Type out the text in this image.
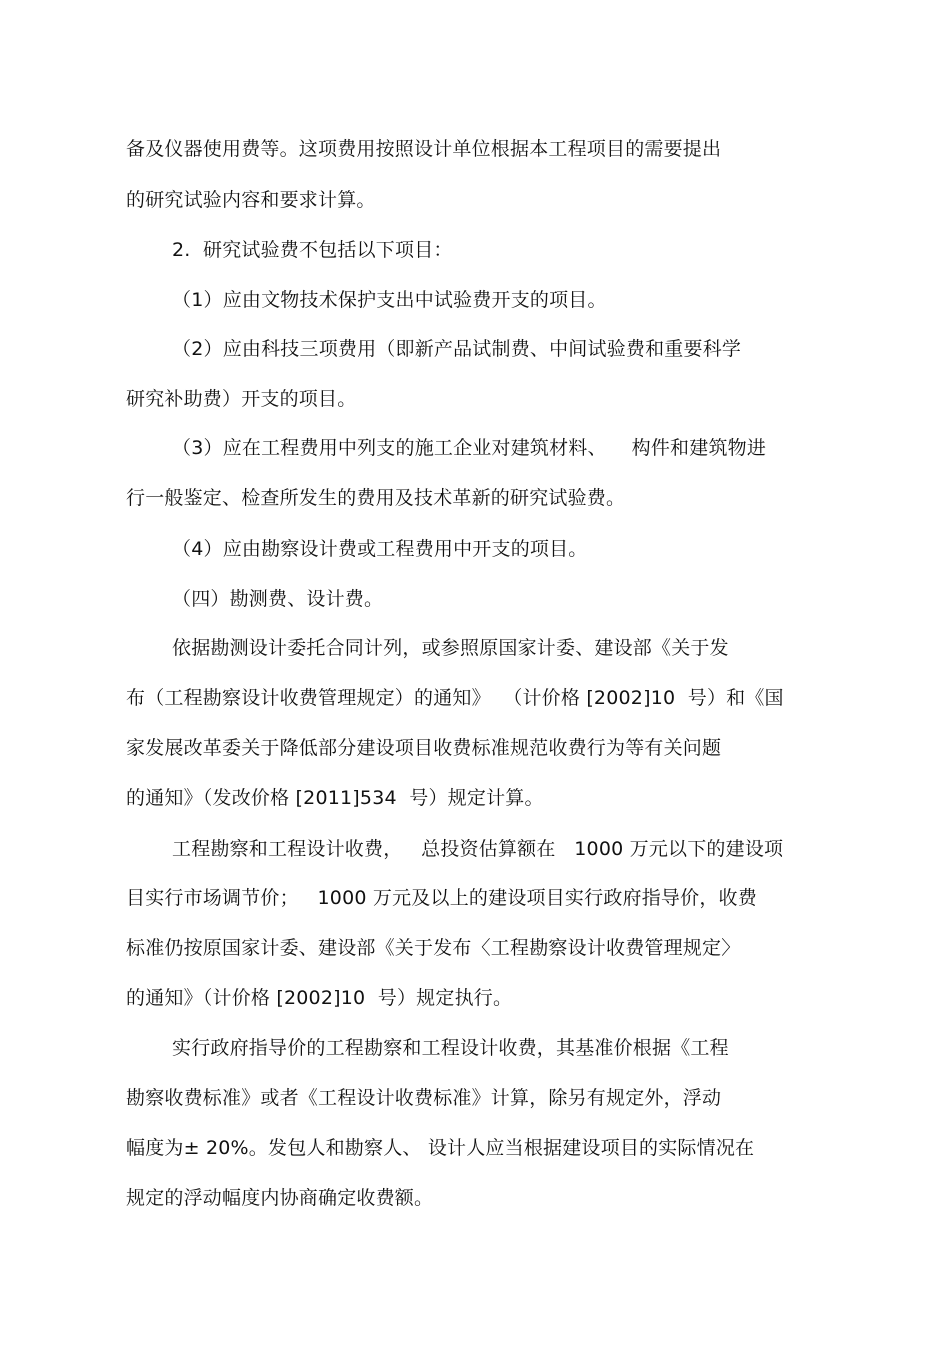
备及仪器使用费等。这项费用按照设计单位根据本工程项目的需要提出
的研究试验内容和要求计算。
2.  研究试验费不包括以下项目：
（1）应由文物技术保护支出中试验费开支的项目。
（2）应由科技三项费用（即新产品试制费、中间试验费和重要科学
研究补助费）开支的项目。
（3）应在工程费用中列支的施工企业对建筑材料、    构件和建筑物进
行一般鉴定、检查所发生的费用及技术革新的研究试验费。
（4）应由勘察设计费或工程费用中开支的项目。
（四）勘测费、设计费。
依据勘测设计委托合同计列，或参照原国家计委、建设部《关于发
布（工程勘察设计收费管理规定）的通知》  （计价格 [2002]10  号）和《国
家发展改革委关于降低部分建设项目收费标准规范收费行为等有关问题
的通知》（发改价格 [2011]534  号）规定计算。
工程勘察和工程设计收费，   总投资估算额在   1000 万元以下的建设项
目实行市场调节价；   1000 万元及以上的建设项目实行政府指导价，收费
标准仍按原国家计委、建设部《关于发布〈工程勘察设计收费管理规定〉
的通知》（计价格 [2002]10  号）规定执行。
实行政府指导价的工程勘察和工程设计收费，其基准价根据《工程
勘察收费标准》或者《工程设计收费标准》计算，除另有规定外，浮动
幅度为± 20%。发包人和勘察人、 设计人应当根据建设项目的实际情况在
规定的浮动幅度内协商确定收费额。
